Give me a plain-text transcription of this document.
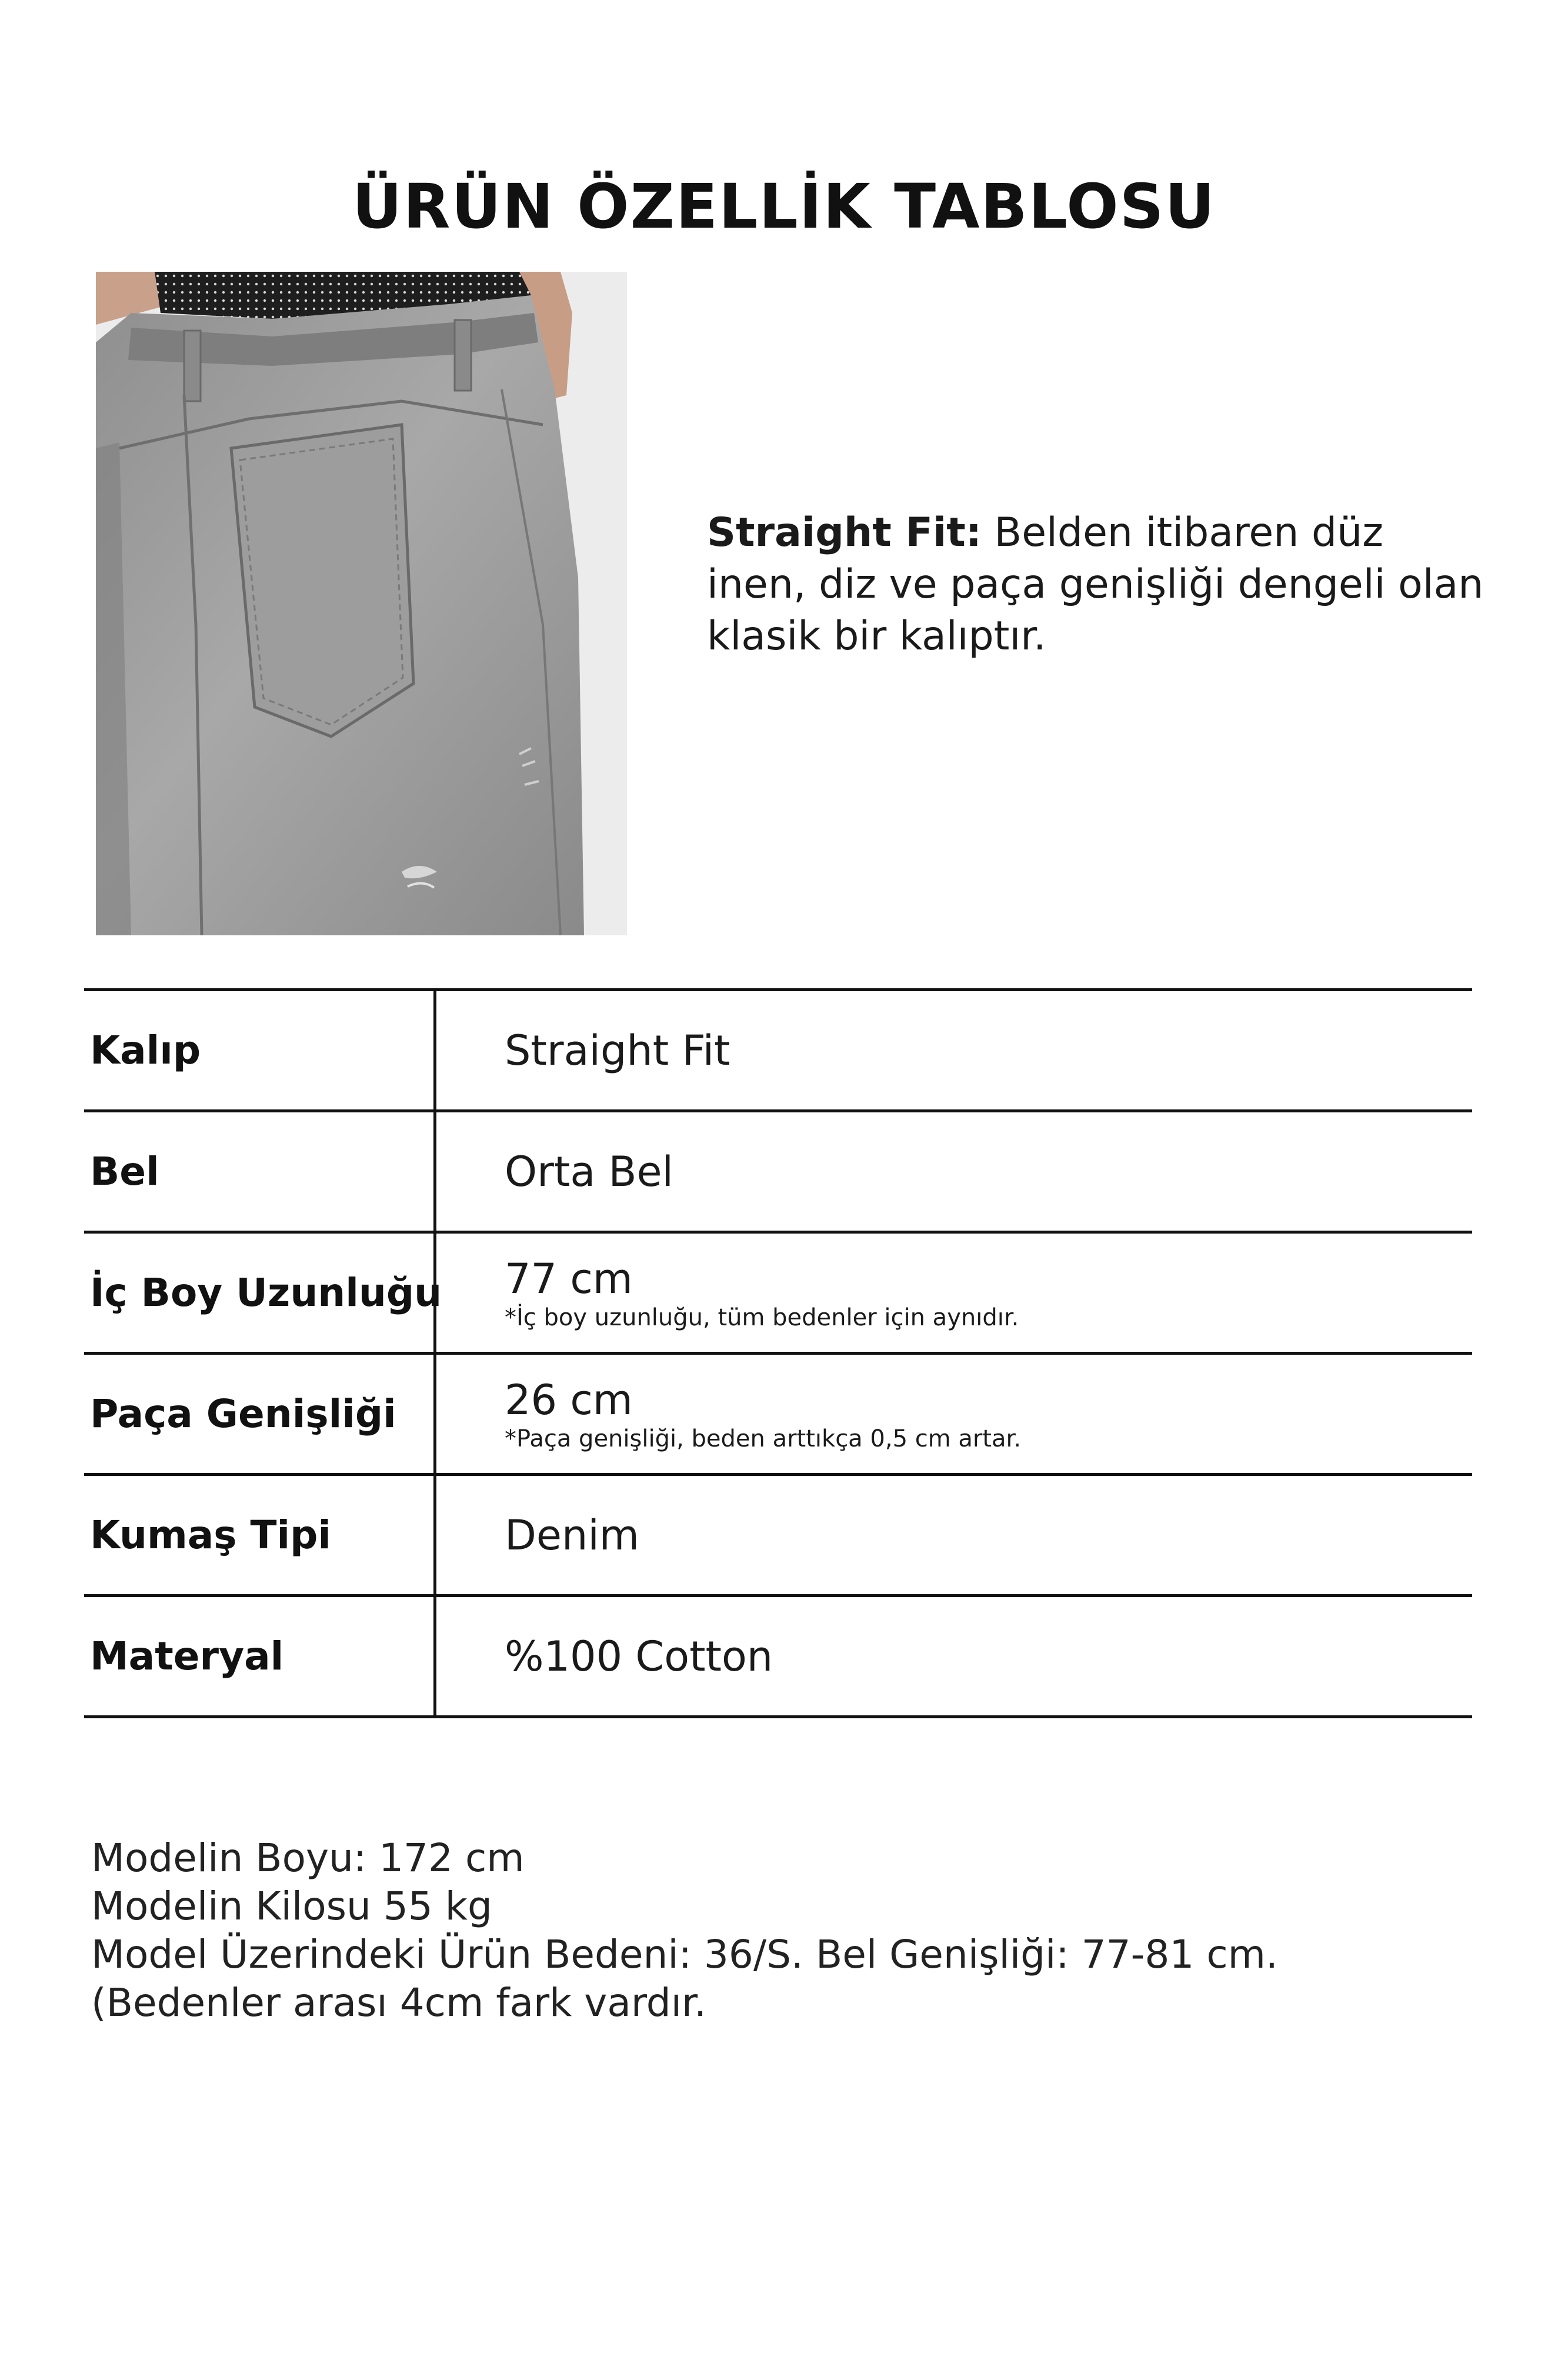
ÜRÜN ÖZELLİK TABLOSU
Straight Fit: Belden itibaren düz inen, diz ve paça genişliği dengeli olan klasik bir kalıptır.
Kalıp	Straight Fit
Bel	Orta Bel
İç Boy Uzunluğu 77 cm
*İç boy uzunluğu, tüm bedenler için aynıdır.
Paça Genişliği	26 cm
*Paça genişliği, beden arttıkça 0,5 cm artar.
Kumaş Tipi	Denim
Materyal	%100 Cotton
Modelin Boyu: 172 cm
Modelin Kilosu 55 kg
Model Üzerindeki Ürün Bedeni: 36/S. Bel Genişliği: 77-81 cm. (Bedenler arası 4cm fark vardır.
